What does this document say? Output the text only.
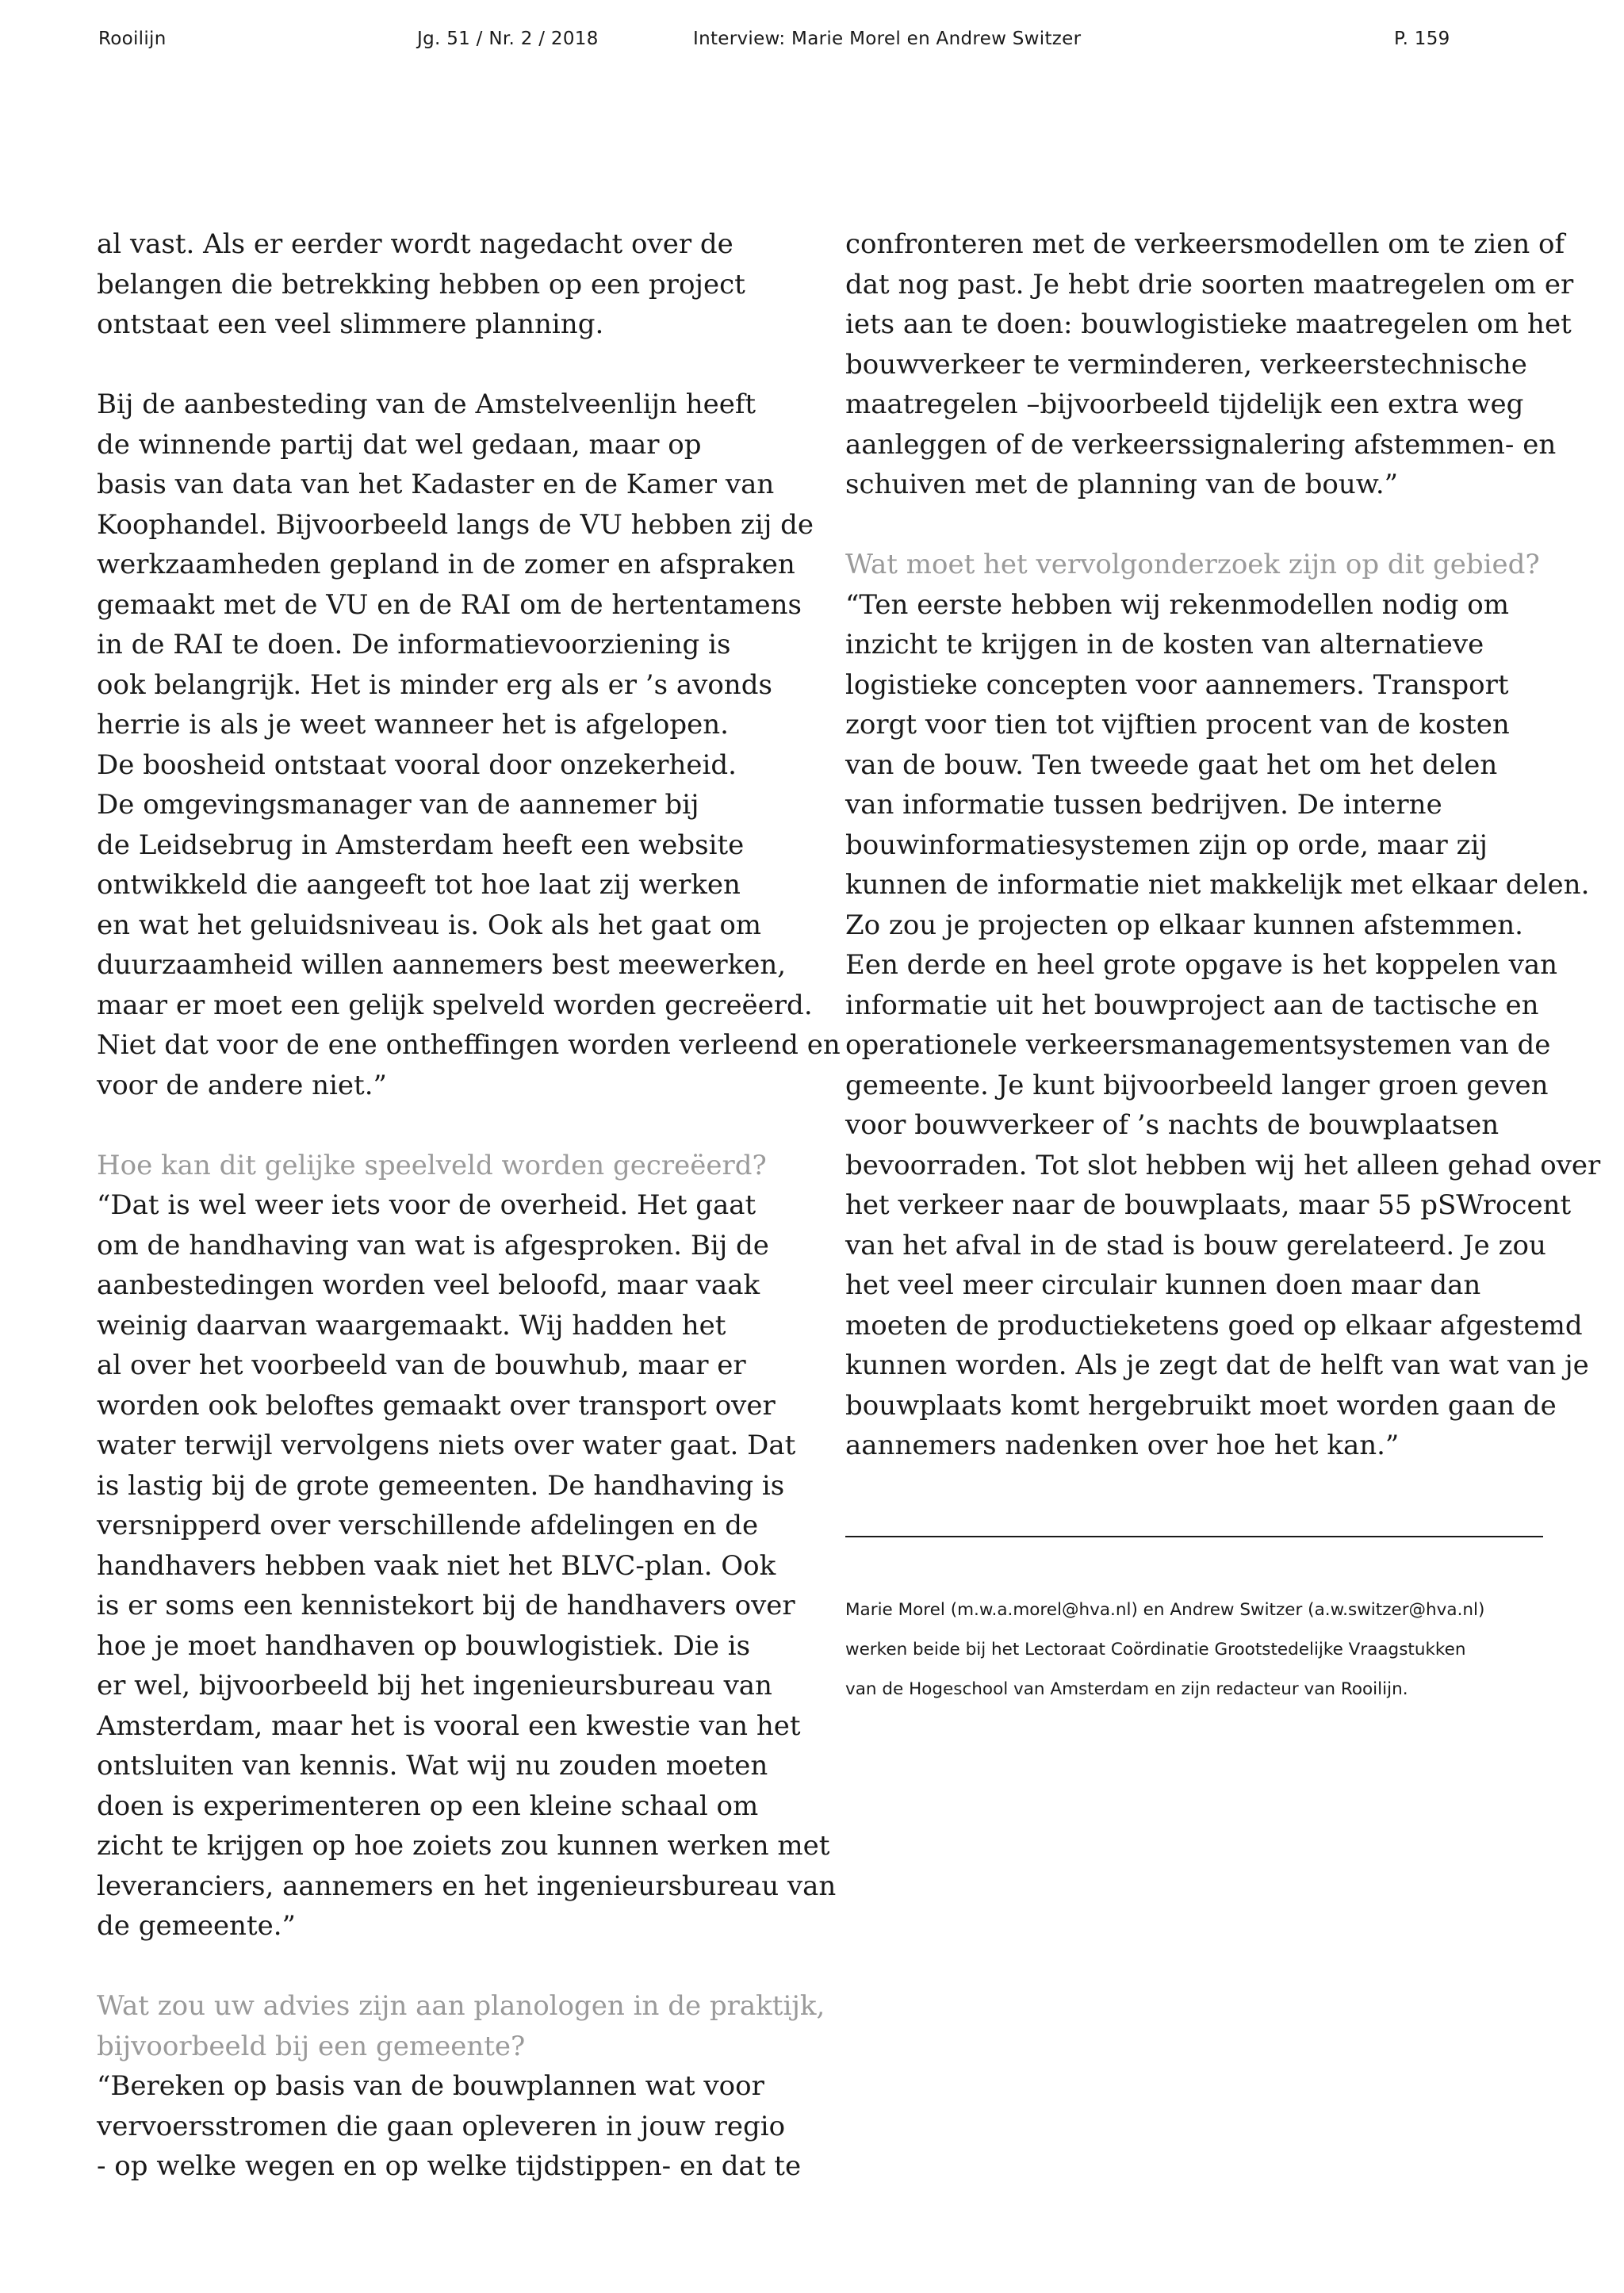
Rooilijn	Jg. 51 / Nr. 2 / 2018	Interview: Marie Morel en Andrew Switzer	P. 159
al vast. Als er eerder wordt nagedacht over de
belangen die betrekking hebben op een project
ontstaat een veel slimmere planning.
Bij de aanbesteding van de Amstelveenlijn heeft
de winnende partij dat wel gedaan, maar op
basis van data van het Kadaster en de Kamer van
Koophandel. Bijvoorbeeld langs de VU hebben zij de
werkzaamheden gepland in de zomer en afspraken
gemaakt met de VU en de RAI om de hertentamens
in de RAI te doen. De informatievoorziening is
ook belangrijk. Het is minder erg als er ’s avonds
herrie is als je weet wanneer het is afgelopen.
De boosheid ontstaat vooral door onzekerheid.
De omgevingsmanager van de aannemer bij
de Leidsebrug in Amsterdam heeft een website
ontwikkeld die aangeeft tot hoe laat zij werken
en wat het geluidsniveau is. Ook als het gaat om
duurzaamheid willen aannemers best meewerken,
maar er moet een gelijk spelveld worden gecreëerd.
Niet dat voor de ene ontheffingen worden verleend en
voor de andere niet.”
Hoe kan dit gelijke speelveld worden gecreëerd?
“Dat is wel weer iets voor de overheid. Het gaat
om de handhaving van wat is afgesproken. Bij de
aanbestedingen worden veel beloofd, maar vaak
weinig daarvan waargemaakt. Wij hadden het
al over het voorbeeld van de bouwhub, maar er
worden ook beloftes gemaakt over transport over
water terwijl vervolgens niets over water gaat. Dat
is lastig bij de grote gemeenten. De handhaving is
versnipperd over verschillende afdelingen en de
handhavers hebben vaak niet het BLVC-plan. Ook
is er soms een kennistekort bij de handhavers over
hoe je moet handhaven op bouwlogistiek. Die is
er wel, bijvoorbeeld bij het ingenieursbureau van
Amsterdam, maar het is vooral een kwestie van het
ontsluiten van kennis. Wat wij nu zouden moeten
doen is experimenteren op een kleine schaal om
zicht te krijgen op hoe zoiets zou kunnen werken met
leveranciers, aannemers en het ingenieursbureau van
de gemeente.”
Wat zou uw advies zijn aan planologen in de praktijk,
bijvoorbeeld bij een gemeente?
“Bereken op basis van de bouwplannen wat voor
vervoersstromen die gaan opleveren in jouw regio
- op welke wegen en op welke tijdstippen- en dat te
confronteren met de verkeersmodellen om te zien of
dat nog past. Je hebt drie soorten maatregelen om er
iets aan te doen: bouwlogistieke maatregelen om het
bouwverkeer te verminderen, verkeerstechnische
maatregelen –bijvoorbeeld tijdelijk een extra weg
aanleggen of de verkeerssignalering afstemmen- en
schuiven met de planning van de bouw.”
Wat moet het vervolgonderzoek zijn op dit gebied?
“Ten eerste hebben wij rekenmodellen nodig om
inzicht te krijgen in de kosten van alternatieve
logistieke concepten voor aannemers. Transport
zorgt voor tien tot vijftien procent van de kosten
van de bouw. Ten tweede gaat het om het delen
van informatie tussen bedrijven. De interne
bouwinformatiesystemen zijn op orde, maar zij
kunnen de informatie niet makkelijk met elkaar delen.
Zo zou je projecten op elkaar kunnen afstemmen.
Een derde en heel grote opgave is het koppelen van
informatie uit het bouwproject aan de tactische en
operationele verkeersmanagementsystemen van de
gemeente. Je kunt bijvoorbeeld langer groen geven
voor bouwverkeer of ’s nachts de bouwplaatsen
bevoorraden. Tot slot hebben wij het alleen gehad over
het verkeer naar de bouwplaats, maar 55 pSWrocent
van het afval in de stad is bouw gerelateerd. Je zou
het veel meer circulair kunnen doen maar dan
moeten de productieketens goed op elkaar afgestemd
kunnen worden. Als je zegt dat de helft van wat van je
bouwplaats komt hergebruikt moet worden gaan de
aannemers nadenken over hoe het kan.”
Marie Morel (m.w.a.morel@hva.nl) en Andrew Switzer (a.w.switzer@hva.nl)
werken beide bij het Lectoraat Coördinatie Grootstedelijke Vraagstukken
van de Hogeschool van Amsterdam en zijn redacteur van Rooilijn.
